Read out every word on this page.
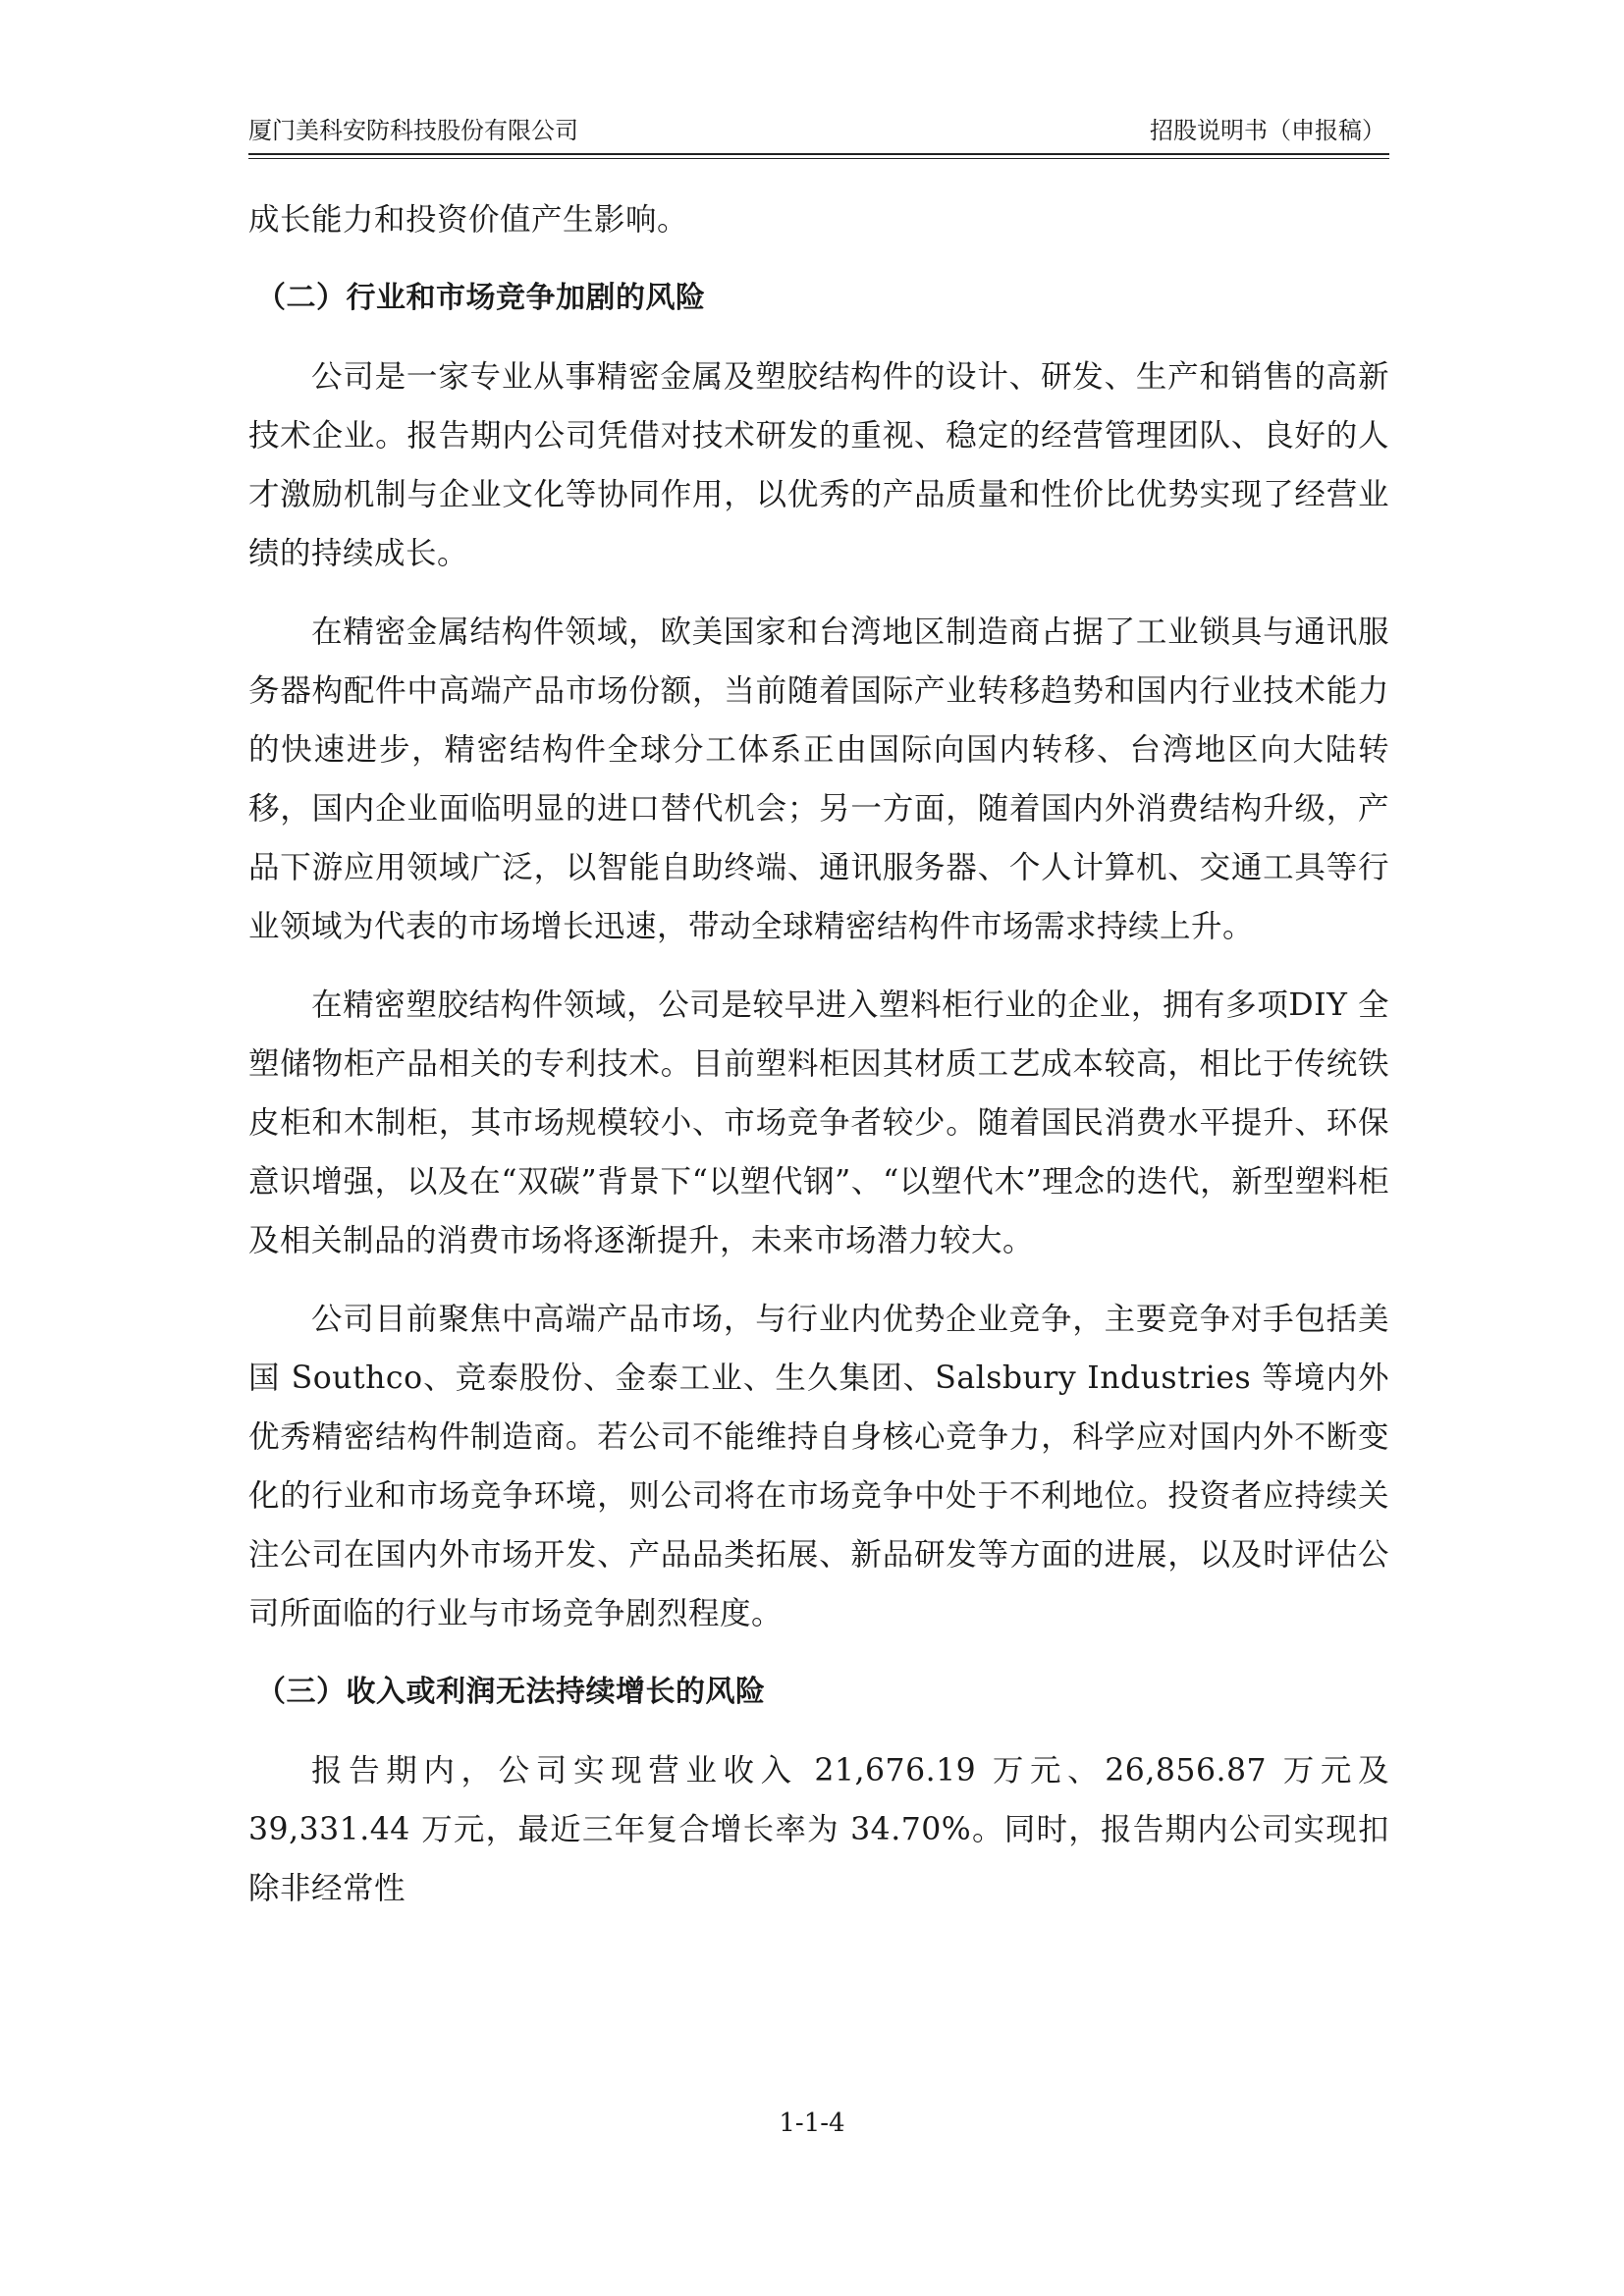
厦门美科安防科技股份有限公司	招股说明书（申报稿）

成长能力和投资价值产生影响。

（二）行业和市场竞争加剧的风险

公司是一家专业从事精密金属及塑胶结构件的设计、研发、生产和销售的高新技术企业。报告期内公司凭借对技术研发的重视、稳定的经营管理团队、良好的人才激励机制与企业文化等协同作用，以优秀的产品质量和性价比优势实现了经营业绩的持续成长。

在精密金属结构件领域，欧美国家和台湾地区制造商占据了工业锁具与通讯服务器构配件中高端产品市场份额，当前随着国际产业转移趋势和国内行业技术能力的快速进步，精密结构件全球分工体系正由国际向国内转移、台湾地区向大陆转移，国内企业面临明显的进口替代机会；另一方面，随着国内外消费结构升级，产品下游应用领域广泛，以智能自助终端、通讯服务器、个人计算机、交通工具等行业领域为代表的市场增长迅速，带动全球精密结构件市场需求持续上升。

在精密塑胶结构件领域，公司是较早进入塑料柜行业的企业，拥有多项DIY 全塑储物柜产品相关的专利技术。目前塑料柜因其材质工艺成本较高，相比于传统铁皮柜和木制柜，其市场规模较小、市场竞争者较少。随着国民消费水平提升、环保意识增强，以及在“双碳”背景下“以塑代钢”、“以塑代木”理念的迭代，新型塑料柜及相关制品的消费市场将逐渐提升，未来市场潜力较大。

公司目前聚焦中高端产品市场，与行业内优势企业竞争，主要竞争对手包括美国 Southco、竞泰股份、金泰工业、生久集团、Salsbury Industries 等境内外优秀精密结构件制造商。若公司不能维持自身核心竞争力，科学应对国内外不断变化的行业和市场竞争环境，则公司将在市场竞争中处于不利地位。投资者应持续关注公司在国内外市场开发、产品品类拓展、新品研发等方面的进展，以及时评估公司所面临的行业与市场竞争剧烈程度。

（三）收入或利润无法持续增长的风险

报告期内，公司实现营业收入 21,676.19 万元、26,856.87 万元及 39,331.44 万元，最近三年复合增长率为 34.70%。同时，报告期内公司实现扣除非经常性

1-1-4
